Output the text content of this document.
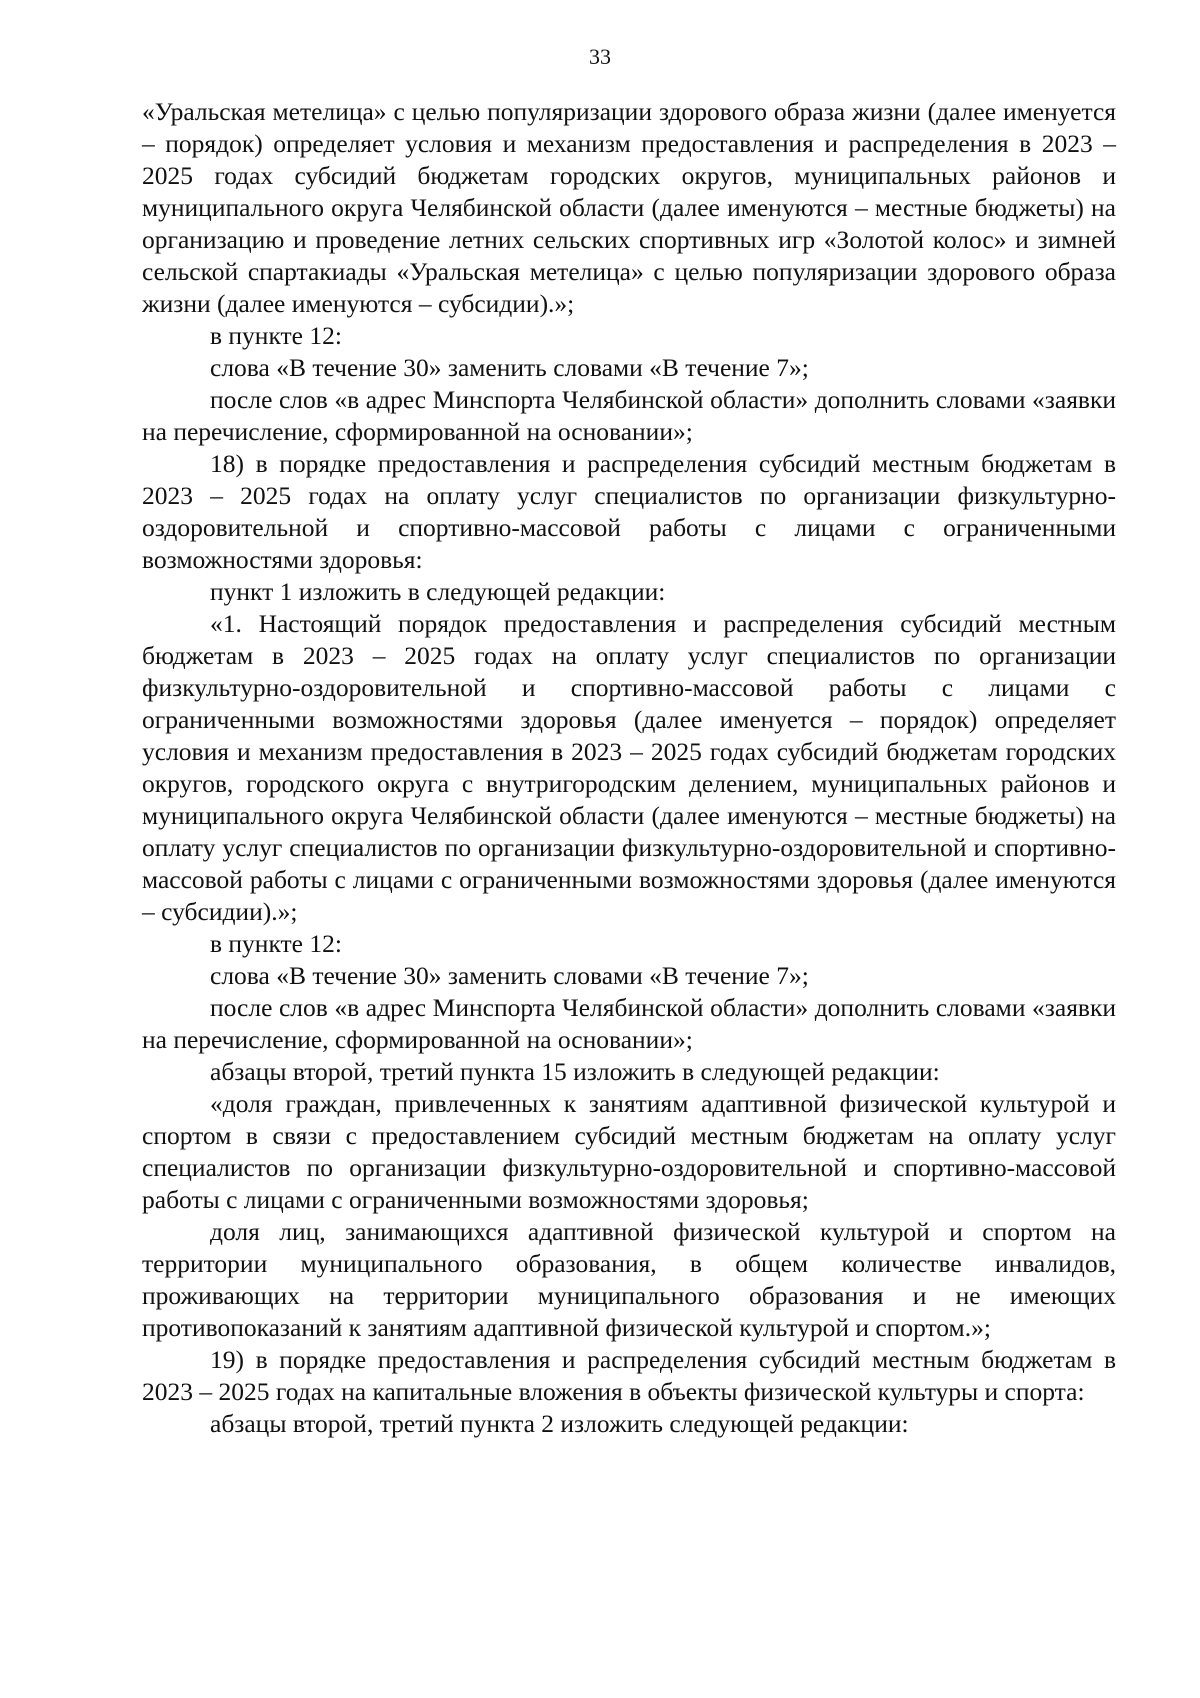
33

«Уральская метелица» с целью популяризации здорового образа жизни (далее именуется – порядок) определяет условия и механизм предоставления и распределения в 2023 – 2025 годах субсидий бюджетам городских округов, муниципальных районов и муниципального округа Челябинской области (далее именуются – местные бюджеты) на организацию и проведение летних сельских спортивных игр «Золотой колос» и зимней сельской спартакиады «Уральская метелица» с целью популяризации здорового образа жизни (далее именуются – субсидии).»;

в пункте 12:

слова «В течение 30» заменить словами «В течение 7»;

после слов «в адрес Минспорта Челябинской области» дополнить словами «заявки на перечисление, сформированной на основании»;

18) в порядке предоставления и распределения субсидий местным бюджетам в 2023 – 2025 годах на оплату услуг специалистов по организации физкультурно-оздоровительной и спортивно-массовой работы с лицами с ограниченными возможностями здоровья:

пункт 1 изложить в следующей редакции:

«1. Настоящий порядок предоставления и распределения субсидий местным бюджетам в 2023 – 2025 годах на оплату услуг специалистов по организации физкультурно-оздоровительной и спортивно-массовой работы с лицами с ограниченными возможностями здоровья (далее именуется – порядок) определяет условия и механизм предоставления в 2023 – 2025 годах субсидий бюджетам городских округов, городского округа с внутригородским делением, муниципальных районов и муниципального округа Челябинской области (далее именуются – местные бюджеты) на оплату услуг специалистов по организации физкультурно-оздоровительной и спортивно-массовой работы с лицами с ограниченными возможностями здоровья (далее именуются – субсидии).»;

в пункте 12:

слова «В течение 30» заменить словами «В течение 7»;

после слов «в адрес Минспорта Челябинской области» дополнить словами «заявки на перечисление, сформированной на основании»;

абзацы второй, третий пункта 15 изложить в следующей редакции:

«доля граждан, привлеченных к занятиям адаптивной физической культурой и спортом в связи с предоставлением субсидий местным бюджетам на оплату услуг специалистов по организации физкультурно-оздоровительной и спортивно-массовой работы с лицами с ограниченными возможностями здоровья;

доля лиц, занимающихся адаптивной физической культурой и спортом на территории муниципального образования, в общем количестве инвалидов, проживающих на территории муниципального образования и не имеющих противопоказаний к занятиям адаптивной физической культурой и спортом.»;

19) в порядке предоставления и распределения субсидий местным бюджетам в 2023 – 2025 годах на капитальные вложения в объекты физической культуры и спорта:

абзацы второй, третий пункта 2 изложить следующей редакции:
